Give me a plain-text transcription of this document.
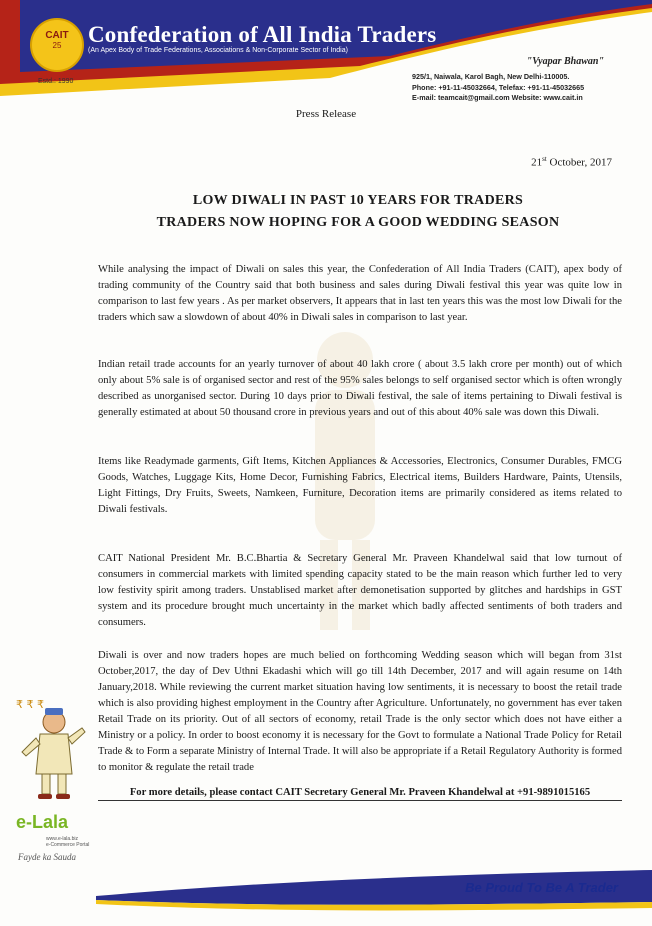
CAIT
25
Estd.: 1990
Confederation of All India Traders
(An Apex Body of Trade Federations, Associations & Non-Corporate Sector of India)
"Vyapar Bhawan"
925/1, Naiwala, Karol Bagh, New Delhi-110005.
Phone: +91-11-45032664, Telefax: +91-11-45032665
E-mail: teamcait@gmail.com Website: www.cait.in
Press Release
21st October, 2017
LOW DIWALI IN PAST 10 YEARS FOR TRADERS
TRADERS NOW HOPING FOR A GOOD WEDDING SEASON
While analysing the impact of Diwali on sales this year, the Confederation of All India Traders (CAIT), apex body of trading community of the Country said that both business and sales during Diwali festival this year was quite low in comparison to last few years . As per market observers, It appears that in last ten years this was the most low Diwali for the traders which saw a slowdown of about 40% in Diwali sales in comparison to last year.
Indian retail trade accounts for an yearly turnover of about 40 lakh crore ( about 3.5 lakh crore per month) out of which only about 5% sale is of organised sector and rest of the 95% sales belongs to self organised sector which is often wrongly described as unorganised sector. During 10 days prior to Diwali festival, the sale of items pertaining to Diwali festival is generally estimated at about 50 thousand crore in previous years and out of this about 40% sale was down this Diwali.
Items like Readymade garments, Gift Items, Kitchen Appliances & Accessories, Electronics, Consumer Durables, FMCG Goods, Watches, Luggage Kits, Home Decor, Furnishing Fabrics, Electrical items, Builders Hardware, Paints, Utensils, Light Fittings, Dry Fruits, Sweets, Namkeen, Furniture, Decoration items are primarily considered as items related to Diwali festivals.
CAIT National President Mr. B.C.Bhartia & Secretary General Mr. Praveen Khandelwal said that low turnout of consumers in commercial markets with limited spending capacity stated to be the main reason which further led to very low festivity spirit among traders. Unstablised market after demonetisation supported by glitches and hardships in GST system and its procedure brought much uncertainty in the market which badly affected sentiments of both traders and consumers.
Diwali is over and now traders hopes are much belied on forthcoming Wedding season which will began from 31st October,2017, the day of Dev Uthni Ekadashi which will go till 14th December, 2017 and will again resume on 14th January,2018. While reviewing the current market situation having low sentiments, it is necessary to boost the retail trade which is also providing highest employment in the Country after Agriculture. Unfortunately, no government has ever taken Retail Trade on its priority. Out of all sectors of economy, retail Trade is the only sector which does not have either a Ministry or a policy. In order to boost economy it is necessary for the Govt to formulate a National Trade Policy for Retail Trade & to Form a separate Ministry of Internal Trade. It will also be appropriate if a Retail Regulatory Authority is formed to monitor & regulate the retail trade
For more details, please contact CAIT Secretary General Mr. Praveen Khandelwal at +91-9891015165
₹ ₹ ₹
e-Lala
www.e-lala.biz
e-Commerce Portal
Fayde ka Sauda
Be Proud To Be A Trader
